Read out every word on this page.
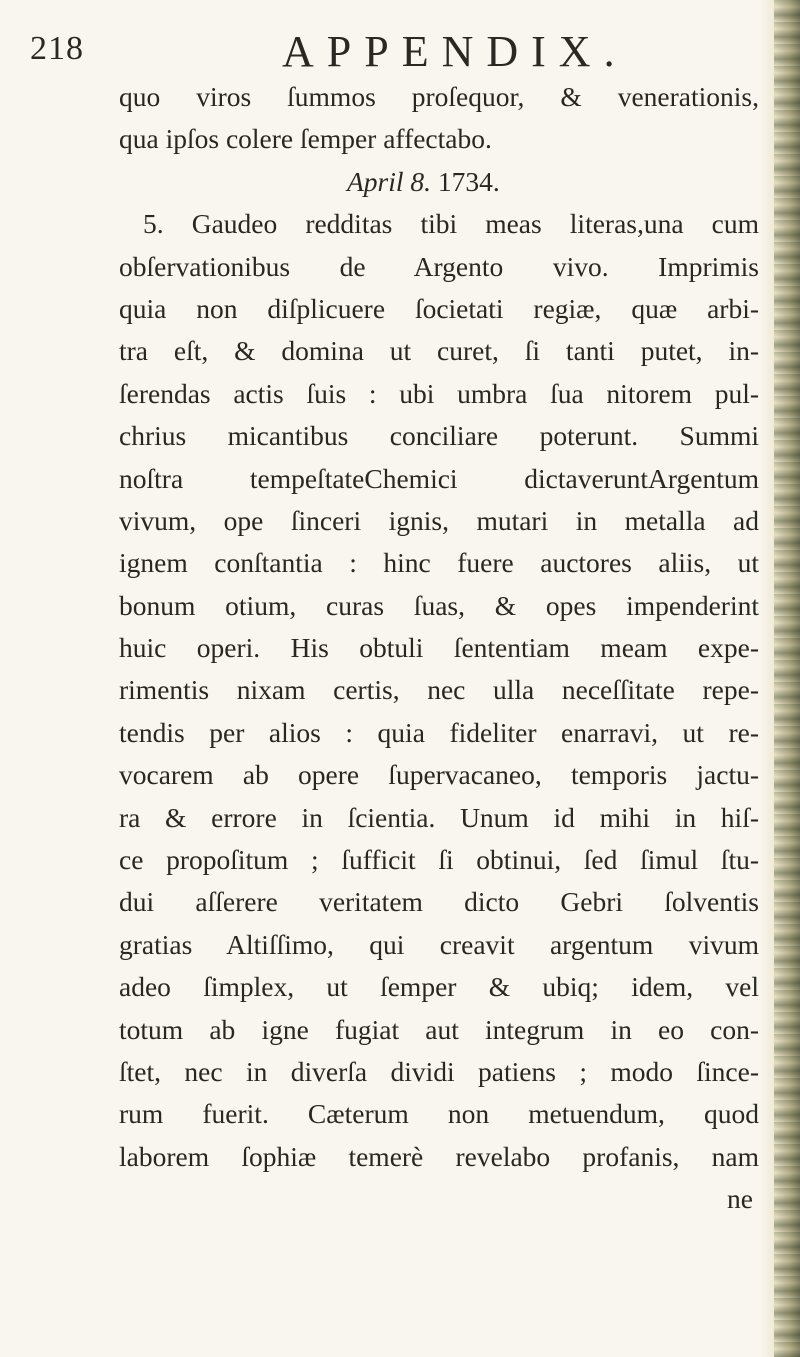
218	APPENDIX.
quo viros ſummos proſequor, & venerationis,
qua ipſos colere ſemper affectabo.
April 8. 1734.
5. Gaudeo redditas tibi meas literas,una cum
obſervationibus de Argento vivo. Imprimis
quia non diſplicuere ſocietati regiæ, quæ arbi-
tra eſt, & domina ut curet, ſi tanti putet, in-
ſerendas actis ſuis : ubi umbra ſua nitorem pul-
chrius micantibus conciliare poterunt. Summi
noſtra tempeſtateChemici dictaveruntArgentum
vivum, ope ſinceri ignis, mutari in metalla ad
ignem conſtantia : hinc fuere auctores aliis, ut
bonum otium, curas ſuas, & opes impenderint
huic operi. His obtuli ſententiam meam expe-
rimentis nixam certis, nec ulla neceſſitate repe-
tendis per alios : quia fideliter enarravi, ut re-
vocarem ab opere ſupervacaneo, temporis jactu-
ra & errore in ſcientia. Unum id mihi in hiſ-
ce propoſitum ; ſufficit ſi obtinui, ſed ſimul ſtu-
dui aſſerere veritatem dicto Gebri ſolventis
gratias Altiſſimo, qui creavit argentum vivum
adeo ſimplex, ut ſemper & ubiq; idem, vel
totum ab igne fugiat aut integrum in eo con-
ſtet, nec in diverſa dividi patiens ; modo ſince-
rum fuerit. Cæterum non metuendum, quod
laborem ſophiæ temerè revelabo profanis, nam
ne
